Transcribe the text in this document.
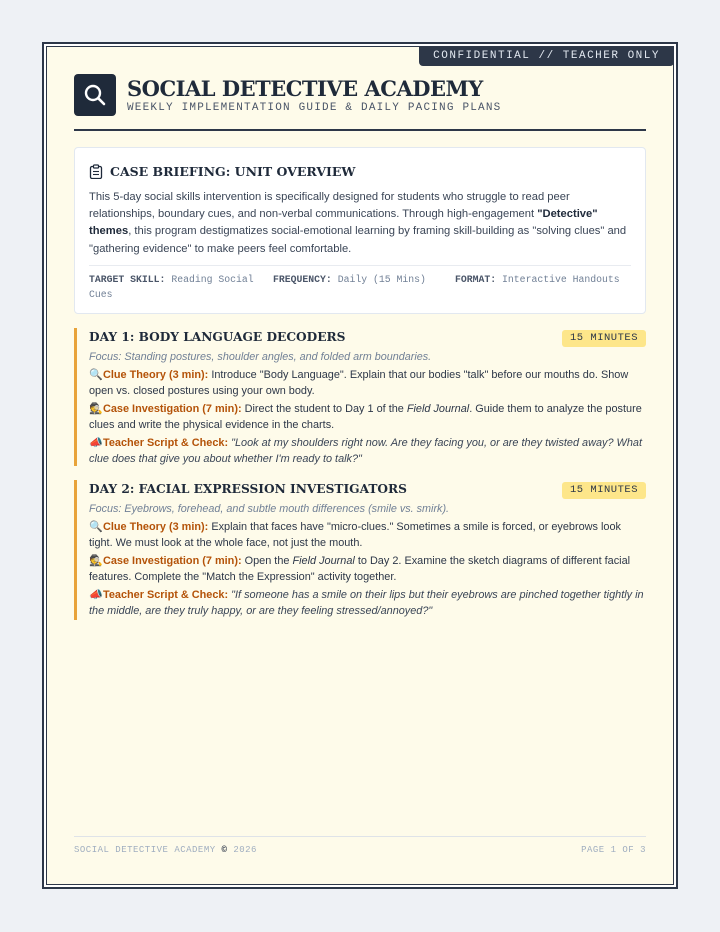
CONFIDENTIAL // TEACHER ONLY
SOCIAL DETECTIVE ACADEMY
WEEKLY IMPLEMENTATION GUIDE & DAILY PACING PLANS
CASE BRIEFING: UNIT OVERVIEW
This 5-day social skills intervention is specifically designed for students who struggle to read peer relationships, boundary cues, and non-verbal communications. Through high-engagement "Detective" themes, this program destigmatizes social-emotional learning by framing skill-building as "solving clues" and "gathering evidence" to make peers feel comfortable.
TARGET SKILL: Reading Social Cues
FREQUENCY: Daily (15 Mins)	FORMAT: Interactive Handouts
DAY 1: BODY LANGUAGE DECODERS	15 MINUTES
Focus: Standing postures, shoulder angles, and folded arm boundaries.
🔍Clue Theory (3 min): Introduce "Body Language". Explain that our bodies "talk" before our mouths do. Show open vs. closed postures using your own body.
🕵Case Investigation (7 min): Direct the student to Day 1 of the Field Journal. Guide them to analyze the posture clues and write the physical evidence in the charts.
📣Teacher Script & Check: "Look at my shoulders right now. Are they facing you, or are they twisted away? What clue does that give you about whether I'm ready to talk?"
DAY 2: FACIAL EXPRESSION INVESTIGATORS	15 MINUTES
Focus: Eyebrows, forehead, and subtle mouth differences (smile vs. smirk).
🔍Clue Theory (3 min): Explain that faces have "micro-clues." Sometimes a smile is forced, or eyebrows look tight. We must look at the whole face, not just the mouth.
🕵Case Investigation (7 min): Open the Field Journal to Day 2. Examine the sketch diagrams of different facial features. Complete the "Match the Expression" activity together.
📣Teacher Script & Check: "If someone has a smile on their lips but their eyebrows are pinched together tightly in the middle, are they truly happy, or are they feeling stressed/annoyed?"
SOCIAL DETECTIVE ACADEMY © 2026	PAGE 1 OF 3
